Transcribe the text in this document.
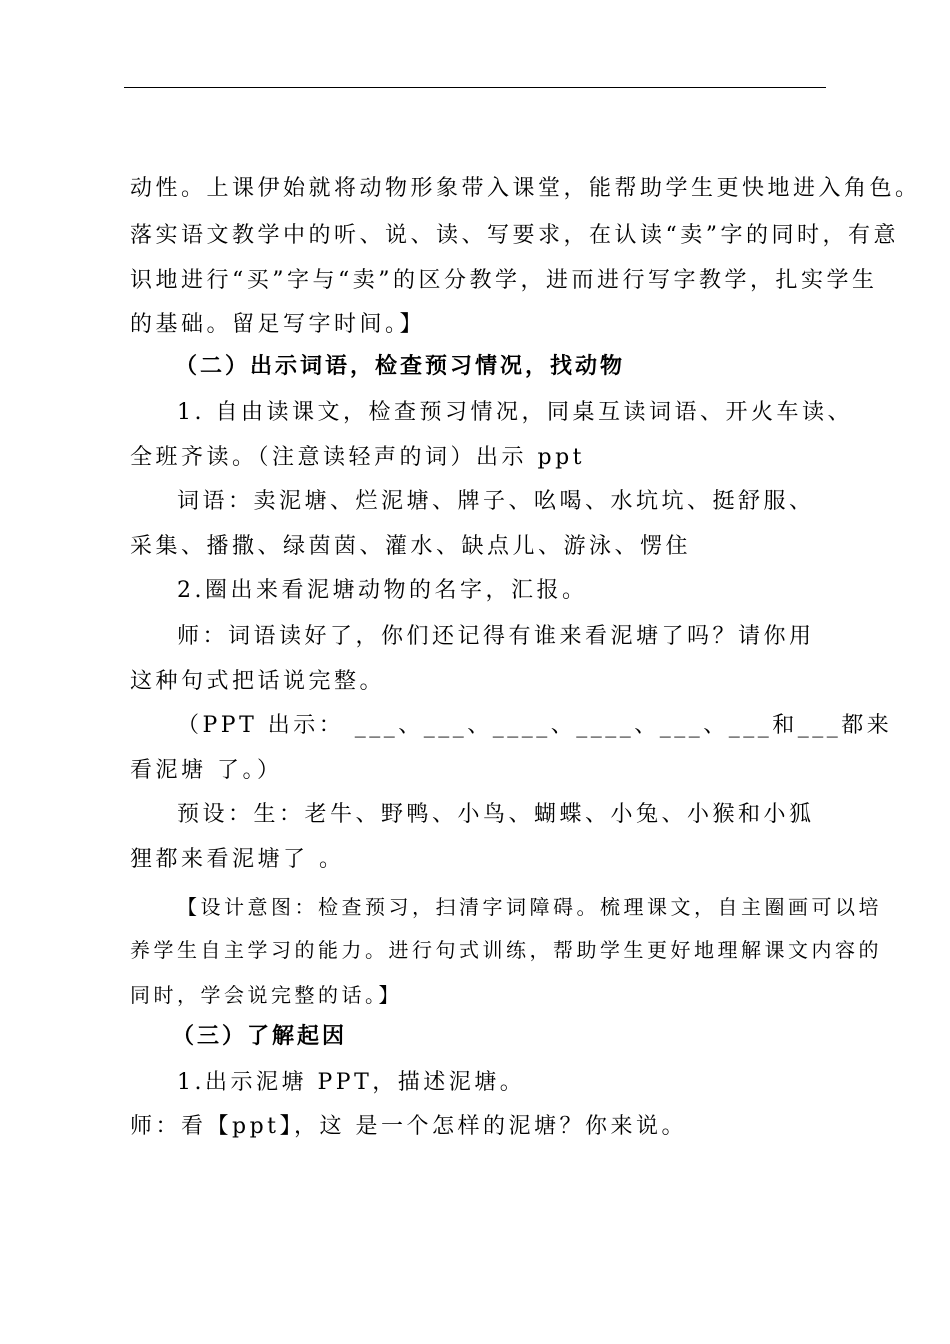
动性。上课伊始就将动物形象带入课堂，能帮助学生更快地进入角色。
落实语文教学中的听、说、读、写要求，在认读“卖”字的同时，有意
识地进行“买”字与“卖”的区分教学，进而进行写字教学，扎实学生
的基础。留足写字时间。】
（二）出示词语，检查预习情况，找动物
1. 自由读课文，检查预习情况，同桌互读词语、开火车读、
全班齐读。（注意读轻声的词）出示 ppt
词语：卖泥塘、烂泥塘、牌子、吆喝、水坑坑、挺舒服、
采集、播撒、绿茵茵、灌水、缺点儿、游泳、愣住
2.圈出来看泥塘动物的名字，汇报。
师：词语读好了，你们还记得有谁来看泥塘了吗？请你用
这种句式把话说完整。
（PPT 出示： ___、___、____、____、___、___和___都来
看泥塘 了。）
预设：生：老牛、野鸭、小鸟、蝴蝶、小兔、小猴和小狐
狸都来看泥塘了 。
【设计意图：检查预习，扫清字词障碍。梳理课文，自主圈画可以培
养学生自主学习的能力。进行句式训练，帮助学生更好地理解课文内容的
同时，学会说完整的话。】
（三）了解起因
1.出示泥塘 PPT，描述泥塘。
师：看【ppt】，这 是一个怎样的泥塘？你来说。
